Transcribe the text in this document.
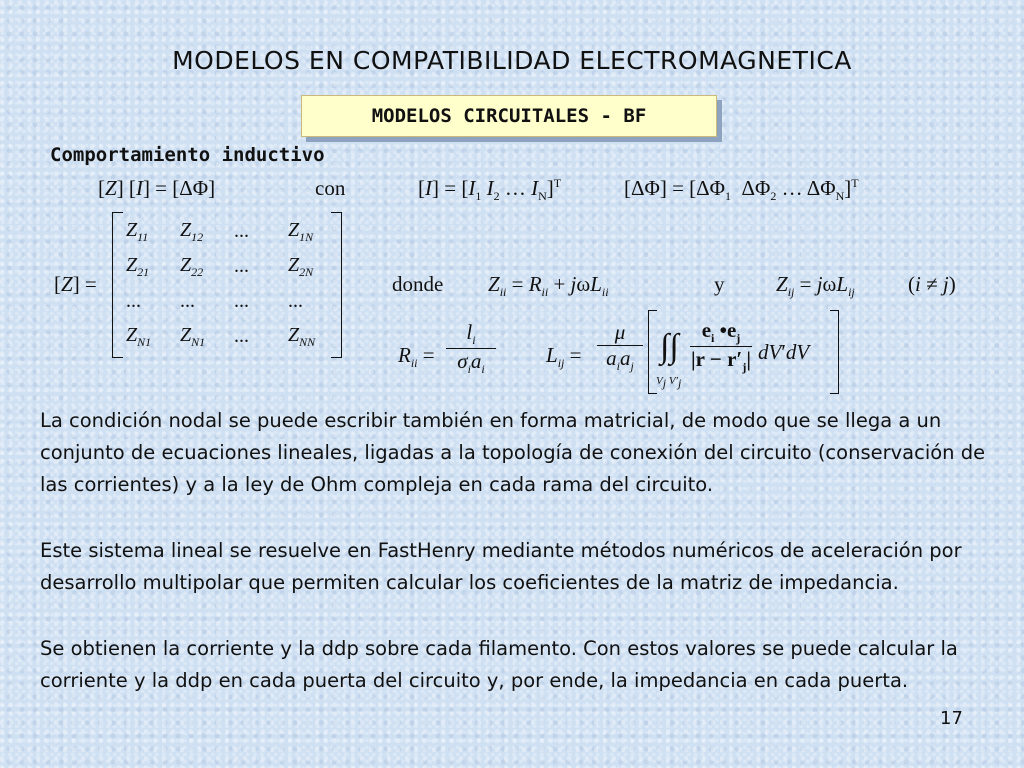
MODELOS EN COMPATIBILIDAD ELECTROMAGNETICA
MODELOS CIRCUITALES - BF
Comportamiento inductivo
[Z] [I] = [ΔΦ]	con	$[I] = [I_1$ $I_2$ … $I_N]^T$	$[\Delta\Phi] = [\Delta\Phi_1$  $\Delta\Phi_2$ … $\Delta\Phi_N]^T$
[Z] =
$Z_{11}$	$Z_{12}$	...	$Z_{1N}$
$Z_{21}$	$Z_{22}$	...	$Z_{2N}$
...	...	...	...
$Z_{N1}$	$Z_{N1}$	...	$Z_{NN}$
donde $Z_{ii} = R_{ii} + j\omega L_{ii}$	y $Z_{ij} = j\omega L_{ij}$	(i ≠ j)
$R_{ii}$ =
$l_i$
$\sigma_ia_i$
$L_{ij}$ =
μ
$a_ia_j$
∫∫
$V_j$ $V'_j$
$e_i$ $•e_j$
$|r - r'_j|$ dV′dV
La condición nodal se puede escribir también en forma matricial, de modo que se llega a un conjunto de ecuaciones lineales, ligadas a la topología de conexión del circuito (conservación de las corrientes) y a la ley de Ohm compleja en cada rama del circuito.
Este sistema lineal se resuelve en FastHenry mediante métodos numéricos de aceleración por desarrollo multipolar que permiten calcular los coeficientes de la matriz de impedancia.
Se obtienen la corriente y la ddp sobre cada filamento. Con estos valores se puede calcular la corriente y la ddp en cada puerta del circuito y, por ende, la impedancia en cada puerta.
17
